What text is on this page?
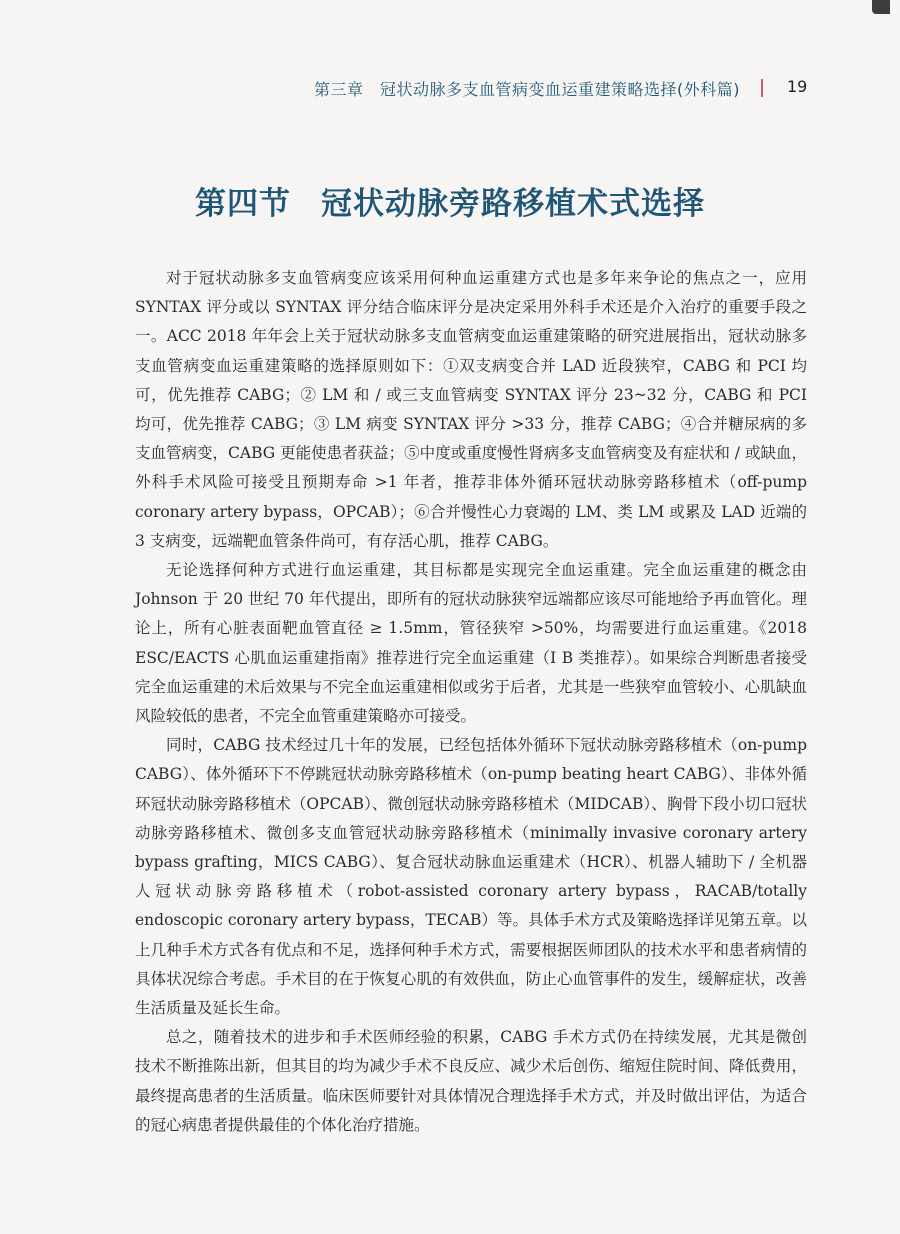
第三章　冠状动脉多支血管病变血运重建策略选择(外科篇)	19
第四节 冠状动脉旁路移植术式选择

对于冠状动脉多支血管病变应该采用何种血运重建方式也是多年来争论的焦点之一，应用 SYNTAX 评分或以 SYNTAX 评分结合临床评分是决定采用外科手术还是介入治疗的重要手段之一。ACC 2018 年年会上关于冠状动脉多支血管病变血运重建策略的研究进展指出，冠状动脉多支血管病变血运重建策略的选择原则如下：①双支病变合并 LAD 近段狭窄，CABG 和 PCI 均可，优先推荐 CABG；② LM 和 / 或三支血管病变 SYNTAX 评分 23~32 分，CABG 和 PCI 均可，优先推荐 CABG；③ LM 病变 SYNTAX 评分 >33 分，推荐 CABG；④合并糖尿病的多支血管病变，CABG 更能使患者获益；⑤中度或重度慢性肾病多支血管病变及有症状和 / 或缺血，外科手术风险可接受且预期寿命 >1 年者，推荐非体外循环冠状动脉旁路移植术（off-pump coronary artery bypass，OPCAB）；⑥合并慢性心力衰竭的 LM、类 LM 或累及 LAD 近端的 3 支病变，远端靶血管条件尚可，有存活心肌，推荐 CABG。

无论选择何种方式进行血运重建，其目标都是实现完全血运重建。完全血运重建的概念由 Johnson 于 20 世纪 70 年代提出，即所有的冠状动脉狭窄远端都应该尽可能地给予再血管化。理论上，所有心脏表面靶血管直径 ≥ 1.5mm，管径狭窄 >50%，均需要进行血运重建。《2018 ESC/EACTS 心肌血运重建指南》推荐进行完全血运重建（Ⅰ B 类推荐）。如果综合判断患者接受完全血运重建的术后效果与不完全血运重建相似或劣于后者，尤其是一些狭窄血管较小、心肌缺血风险较低的患者，不完全血管重建策略亦可接受。

同时，CABG 技术经过几十年的发展，已经包括体外循环下冠状动脉旁路移植术（on-pump CABG）、体外循环下不停跳冠状动脉旁路移植术（on-pump beating heart CABG）、非体外循环冠状动脉旁路移植术（OPCAB）、微创冠状动脉旁路移植术（MIDCAB）、胸骨下段小切口冠状动脉旁路移植术、微创多支血管冠状动脉旁路移植术（minimally invasive coronary artery bypass grafting，MICS CABG）、复合冠状动脉血运重建术（HCR）、机器人辅助下 / 全机器人冠状动脉旁路移植术（robot-assisted coronary artery bypass，RACAB/totally endoscopic coronary artery bypass，TECAB）等。具体手术方式及策略选择详见第五章。以上几种手术方式各有优点和不足，选择何种手术方式，需要根据医师团队的技术水平和患者病情的具体状况综合考虑。手术目的在于恢复心肌的有效供血，防止心血管事件的发生，缓解症状，改善生活质量及延长生命。

总之，随着技术的进步和手术医师经验的积累，CABG 手术方式仍在持续发展，尤其是微创技术不断推陈出新，但其目的均为减少手术不良反应、减少术后创伤、缩短住院时间、降低费用，最终提高患者的生活质量。临床医师要针对具体情况合理选择手术方式，并及时做出评估，为适合的冠心病患者提供最佳的个体化治疗措施。
